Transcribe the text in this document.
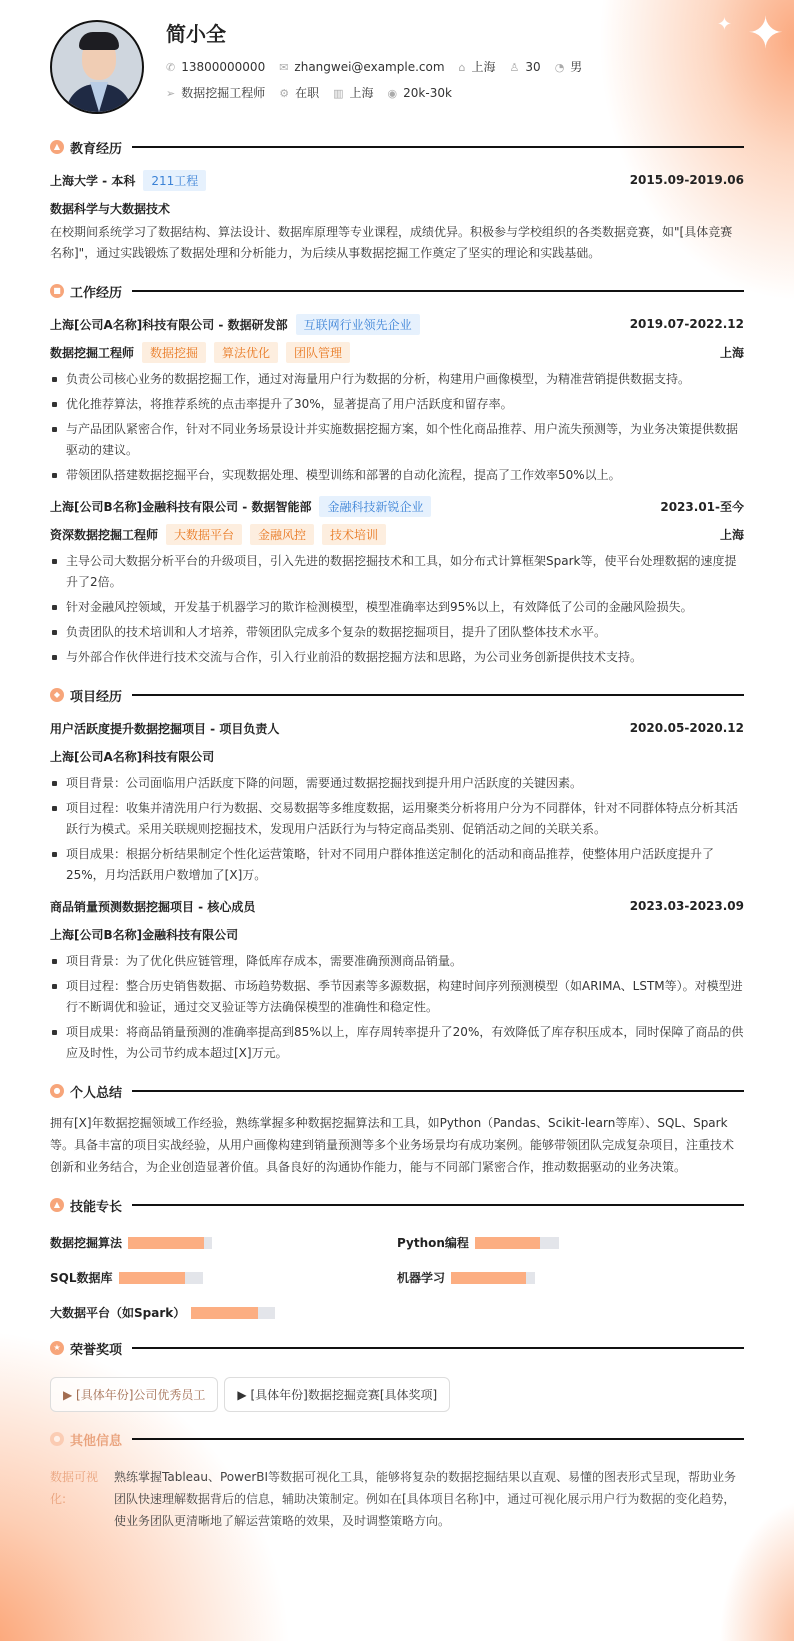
简小全
✆ 13800000000 ✉ zhangwei@example.com ⌂ 上海 ♙ 30 ◔ 男
➢ 数据挖掘工程师 ⚙ 在职 ▥ 上海 ◉ 20k-30k
✦
✦
▲ 教育经历
上海大学 - 本科	211工程	2015.09-2019.06
数据科学与大数据技术
在校期间系统学习了数据结构、算法设计、数据库原理等专业课程，成绩优异。积极参与学校组织的各类数据竞赛，如"[具体竞赛名称]"，通过实践锻炼了数据处理和分析能力，为后续从事数据挖掘工作奠定了坚实的理论和实践基础。
■ 工作经历
上海[公司A名称]科技有限公司 - 数据研发部	互联网行业领先企业	2019.07-2022.12
数据挖掘工程师	数据挖掘	算法优化	团队管理	上海
负责公司核心业务的数据挖掘工作，通过对海量用户行为数据的分析，构建用户画像模型，为精准营销提供数据支持。
优化推荐算法，将推荐系统的点击率提升了30%，显著提高了用户活跃度和留存率。
与产品团队紧密合作，针对不同业务场景设计并实施数据挖掘方案，如个性化商品推荐、用户流失预测等，为业务决策提供数据驱动的建议。
带领团队搭建数据挖掘平台，实现数据处理、模型训练和部署的自动化流程，提高了工作效率50%以上。
上海[公司B名称]金融科技有限公司 - 数据智能部	金融科技新锐企业	2023.01-至今
资深数据挖掘工程师	大数据平台	金融风控	技术培训	上海
主导公司大数据分析平台的升级项目，引入先进的数据挖掘技术和工具，如分布式计算框架Spark等，使平台处理数据的速度提升了2倍。
针对金融风控领域，开发基于机器学习的欺诈检测模型，模型准确率达到95%以上，有效降低了公司的金融风险损失。
负责团队的技术培训和人才培养，带领团队完成多个复杂的数据挖掘项目，提升了团队整体技术水平。
与外部合作伙伴进行技术交流与合作，引入行业前沿的数据挖掘方法和思路，为公司业务创新提供技术支持。
◆ 项目经历
用户活跃度提升数据挖掘项目 - 项目负责人	2020.05-2020.12
上海[公司A名称]科技有限公司
项目背景：公司面临用户活跃度下降的问题，需要通过数据挖掘找到提升用户活跃度的关键因素。
项目过程：收集并清洗用户行为数据、交易数据等多维度数据，运用聚类分析将用户分为不同群体，针对不同群体特点分析其活跃行为模式。采用关联规则挖掘技术，发现用户活跃行为与特定商品类别、促销活动之间的关联关系。
项目成果：根据分析结果制定个性化运营策略，针对不同用户群体推送定制化的活动和商品推荐，使整体用户活跃度提升了25%，月均活跃用户数增加了[X]万。
商品销量预测数据挖掘项目 - 核心成员	2023.03-2023.09
上海[公司B名称]金融科技有限公司
项目背景：为了优化供应链管理，降低库存成本，需要准确预测商品销量。
项目过程：整合历史销售数据、市场趋势数据、季节因素等多源数据，构建时间序列预测模型（如ARIMA、LSTM等）。对模型进行不断调优和验证，通过交叉验证等方法确保模型的准确性和稳定性。
项目成果：将商品销量预测的准确率提高到85%以上，库存周转率提升了20%，有效降低了库存积压成本，同时保障了商品的供应及时性，为公司节约成本超过[X]万元。
● 个人总结
拥有[X]年数据挖掘领域工作经验，熟练掌握多种数据挖掘算法和工具，如Python（Pandas、Scikit-learn等库）、SQL、Spark等。具备丰富的项目实战经验，从用户画像构建到销量预测等多个业务场景均有成功案例。能够带领团队完成复杂项目，注重技术创新和业务结合，为企业创造显著价值。具备良好的沟通协作能力，能与不同部门紧密合作，推动数据驱动的业务决策。
▲ 技能专长
数据挖掘算法	Python编程
SQL数据库	机器学习
大数据平台（如Spark）
★ 荣誉奖项
▶ [具体年份]公司优秀员工	▶ [具体年份]数据挖掘竞赛[具体奖项]
● 其他信息
数据可视化:
熟练掌握Tableau、PowerBI等数据可视化工具，能够将复杂的数据挖掘结果以直观、易懂的图表形式呈现，帮助业务团队快速理解数据背后的信息，辅助决策制定。例如在[具体项目名称]中，通过可视化展示用户行为数据的变化趋势，使业务团队更清晰地了解运营策略的效果，及时调整策略方向。
